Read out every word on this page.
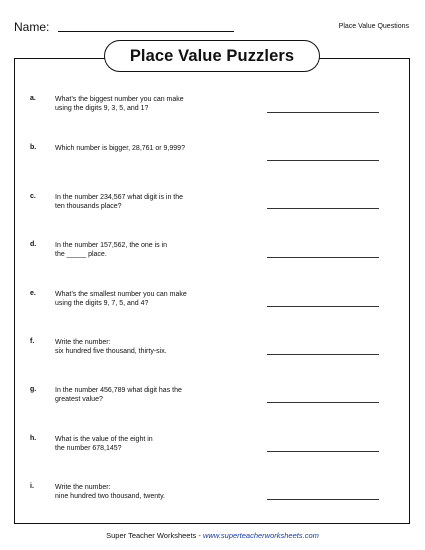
Name:	Place Value Questions
Place Value Puzzlers
a.	What’s the biggest number you can make
using the digits 9, 3, 5, and 1?
b.	Which number is bigger, 28,761 or 9,999?
c.	In the number 234,567 what digit is in the
ten thousands place?
d.	In the number 157,562, the one is in
the _____ place.
e.	What’s the smallest number you can make
using the digits 9, 7, 5, and 4?
f.	Write the number:
six hundred five thousand, thirty-six.
g.	In the number 456,789 what digit has the
greatest value?
h.	What is the value of the eight in
the number 678,145?
i.	Write the number:
nine hundred two thousand, twenty.
Super Teacher Worksheets - www.superteacherworksheets.com
